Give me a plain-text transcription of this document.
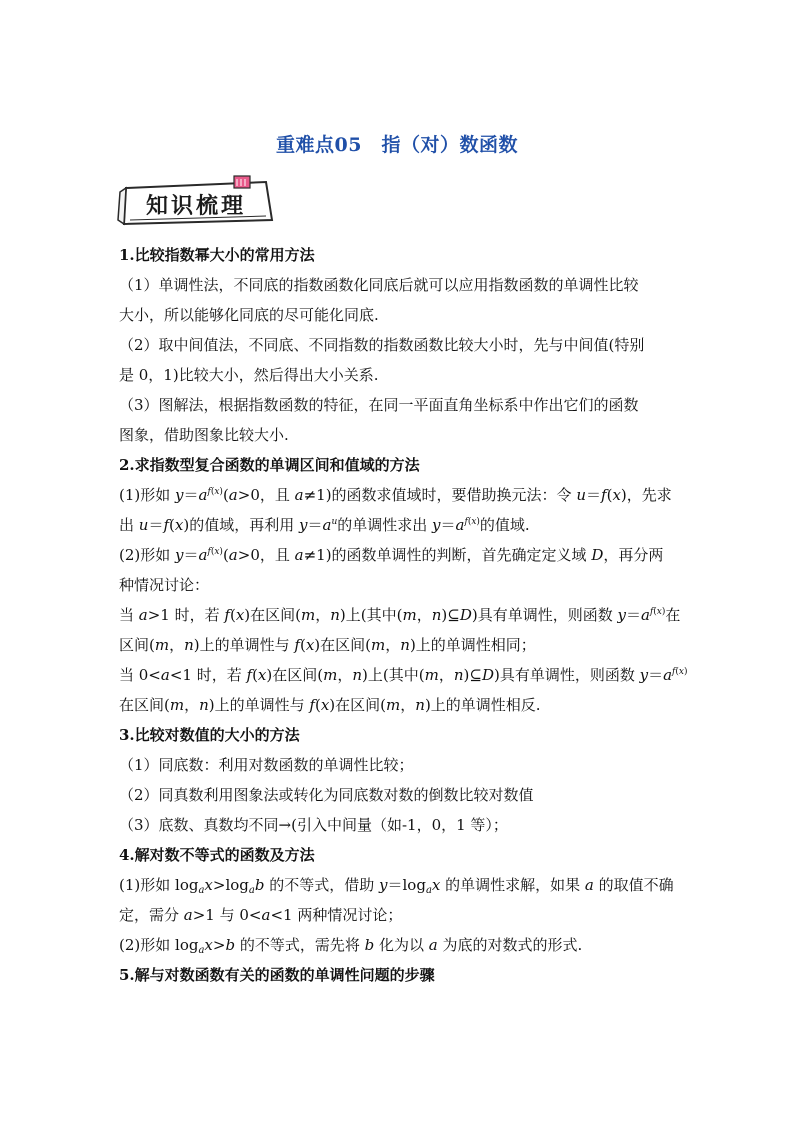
重难点05　指（对）数函数
知识梳理
1.比较指数幂大小的常用方法
（1）单调性法，不同底的指数函数化同底后就可以应用指数函数的单调性比较
大小，所以能够化同底的尽可能化同底.
（2）取中间值法，不同底、不同指数的指数函数比较大小时，先与中间值(特别
是 0，1)比较大小，然后得出大小关系.
（3）图解法，根据指数函数的特征，在同一平面直角坐标系中作出它们的函数
图象，借助图象比较大小.
2.求指数型复合函数的单调区间和值域的方法
(1)形如 $y=a^{f(x)}(a>0$，且 a≠1)的函数求值域时，要借助换元法：令 u＝f(x)，先求
出 u＝f(x)的值域，再利用 $y=a^u$的单调性求出 $y=a^{f(x)}$的值域.
(2)形如 $y=a^{f(x)}(a>0$，且 a≠1)的函数单调性的判断，首先确定定义域 D，再分两
种情况讨论：
当 a>1 时，若 f(x)在区间(m，n)上(其中(m，n)⊆D)具有单调性，则函数 $y=a^{f(x)}$在
区间(m，n)上的单调性与 f(x)在区间(m，n)上的单调性相同；
当 0<a<1 时，若 f(x)在区间(m，n)上(其中(m，n)⊆D)具有单调性，则函数 $y=a^{f(x)}$
在区间(m，n)上的单调性与 f(x)在区间(m，n)上的单调性相反.
3.比较对数值的大小的方法
（1）同底数：利用对数函数的单调性比较；
（2）同真数利用图象法或转化为同底数对数的倒数比较对数值
（3）底数、真数均不同→(引入中间量（如-1，0，1 等）；
4.解对数不等式的函数及方法
(1)形如 $\log_ax>\log_ab$ 的不等式，借助 $y=\log_ax$ 的单调性求解，如果 a 的取值不确
定，需分 a>1 与 0<a<1 两种情况讨论；
(2)形如 $\log_ax>b$ 的不等式，需先将 b 化为以 a 为底的对数式的形式.
5.解与对数函数有关的函数的单调性问题的步骤
